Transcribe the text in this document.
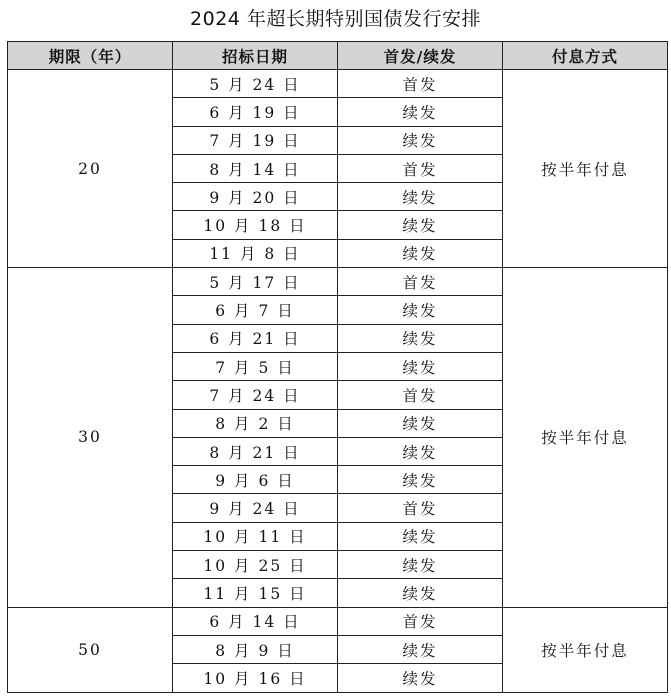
2024 年超长期特别国债发行安排
期限（年）	招标日期	首发/续发	付息方式
20	5 月 24 日	首发	按半年付息
	6 月 19 日	续发	
	7 月 19 日	续发	
	8 月 14 日	首发	
	9 月 20 日	续发	
	10 月 18 日	续发	
	11 月 8 日	续发	
30	5 月 17 日	首发	按半年付息
	6 月 7 日	续发	
	6 月 21 日	续发	
	7 月 5 日	续发	
	7 月 24 日	首发	
	8 月 2 日	续发	
	8 月 21 日	续发	
	9 月 6 日	续发	
	9 月 24 日	首发	
	10 月 11 日	续发	
	10 月 25 日	续发	
	11 月 15 日	续发	
50	6 月 14 日	首发	按半年付息
	8 月 9 日	续发	
	10 月 16 日	续发	
